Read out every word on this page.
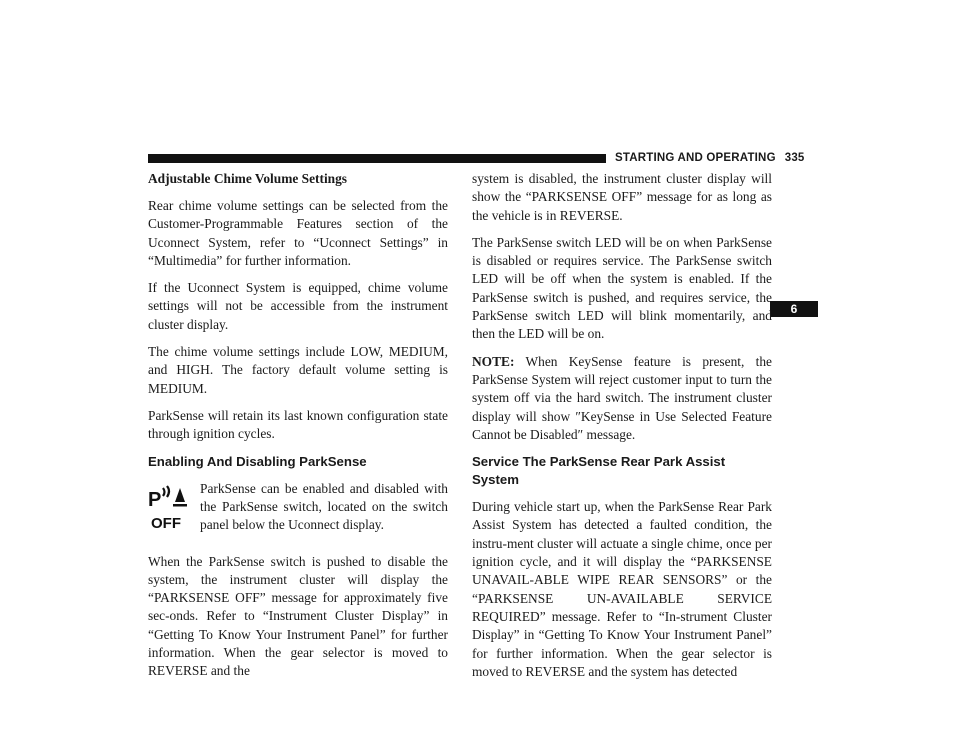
STARTING AND OPERATING 335
6
Adjustable Chime Volume Settings

Rear chime volume settings can be selected from the Customer-Programmable Features section of the Uconnect System, refer to “Uconnect Settings” in “Multimedia” for further information.

If the Uconnect System is equipped, chime volume settings will not be accessible from the instrument cluster display.

The chime volume settings include LOW, MEDIUM, and HIGH. The factory default volume setting is MEDIUM.

ParkSense will retain its last known configuration state through ignition cycles.

Enabling And Disabling ParkSense
P
OFF

ParkSense can be enabled and disabled with the ParkSense switch, located on the switch panel below the Uconnect display.

When the ParkSense switch is pushed to disable the system, the instrument cluster will display the “PARKSENSE OFF” message for approximately five sec-onds. Refer to “Instrument Cluster Display” in “Getting To Know Your Instrument Panel” for further information. When the gear selector is moved to REVERSE and the

system is disabled, the instrument cluster display will show the “PARKSENSE OFF” message for as long as the vehicle is in REVERSE.

The ParkSense switch LED will be on when ParkSense is disabled or requires service. The ParkSense switch LED will be off when the system is enabled. If the ParkSense switch is pushed, and requires service, the ParkSense switch LED will blink momentarily, and then the LED will be on.

NOTE: When KeySense feature is present, the ParkSense System will reject customer input to turn the system off via the hard switch. The instrument cluster display will show ″KeySense in Use Selected Feature Cannot be Disabled″ message.

Service The ParkSense Rear Park Assist System

During vehicle start up, when the ParkSense Rear Park Assist System has detected a faulted condition, the instru-ment cluster will actuate a single chime, once per ignition cycle, and it will display the “PARKSENSE UNAVAIL-ABLE WIPE REAR SENSORS” or the “PARKSENSE UN-AVAILABLE SERVICE REQUIRED” message. Refer to “In-strument Cluster Display” in “Getting To Know Your Instrument Panel” for further information. When the gear selector is moved to REVERSE and the system has detected
